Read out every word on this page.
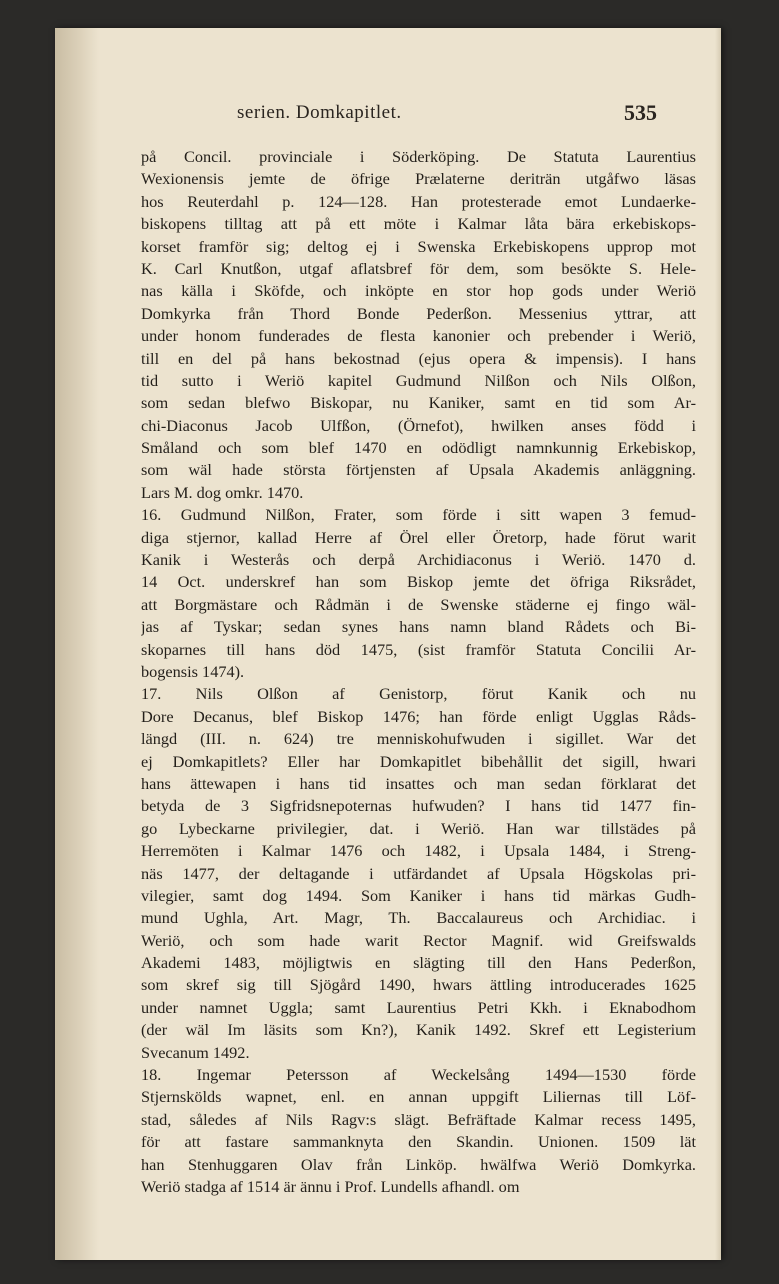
serien. Domkapitlet.	535
på Concil. provinciale i Söderköping. De Statuta Laurentius
Wexionensis jemte de öfrige Prælaterne deriträn utgåfwo läsas
hos Reuterdahl p. 124—128. Han protesterade emot Lundaerke-
biskopens tilltag att på ett möte i Kalmar låta bära erkebiskops-
korset framför sig; deltog ej i Swenska Erkebiskopens upprор mot
K. Carl Knutßon, utgaf aflatsbref för dem, som besökte S. Hele-
nas källa i Sköfde, och inköpte en stor hop gods under Weriö
Domkyrka från Thord Bonde Pederßon. Messenius yttrar, att
under honom funderades de flesta kanonier och prebender i Weriö,
till en del på hans bekostnad (ejus opera & impensis). I hans
tid sutto i Weriö kapitel Gudmund Nilßon och Nils Olßon,
som sedan blefwo Biskopar, nu Kaniker, samt en tid som Ar-
chi-Diaconus Jacob Ulfßon, (Örnefot), hwilken anses född i
Småland och som blef 1470 en odödligt namnkunnig Erkebiskop,
som wäl hade största förtjensten af Upsala Akademis anläggning.
Lars M. dog omkr. 1470.
16. Gudmund Nilßon, Frater, som förde i sitt wapen 3 femud-
diga stjernor, kallad Herre af Örel eller Öretorp, hade förut warit
Kanik i Westerås och derpå Archidiaconus i Weriö. 1470 d.
14 Oct. underskref han som Biskop jemte det öfriga Riksrådet,
att Borgmästare och Rådmän i de Swenske städerne ej fingo wäl-
jas af Tyskar; sedan synes hans namn bland Rådets och Bi-
skoparnes till hans död 1475, (sist framför Statuta Concilii Ar-
bogensis 1474).
17. Nils Olßon af Genistorp, förut Kanik och nu
Dore Decanus, blef Biskop 1476; han förde enligt Ugglas Råds-
längd (III. n. 624) tre menniskohufwuden i sigillet. War det
ej Domkapitlets? Eller har Domkapitlet bibehållit det sigill, hwari
hans ättewapen i hans tid insattes och man sedan förklarat det
betyda de 3 Sigfridsnepoternas hufwuden? I hans tid 1477 fin-
go Lybeckarne privilegier, dat. i Weriö. Han war tillstädes på
Herremöten i Kalmar 1476 och 1482, i Upsala 1484, i Streng-
näs 1477, der deltagande i utfärdandet af Upsala Högskolas pri-
vilegier, samt dog 1494. Som Kaniker i hans tid märkas Gudh-
mund Ughla, Art. Magr, Th. Baccalaureus och Archidiac. i
Weriö, och som hade warit Rector Magnif. wid Greifswalds
Akademi 1483, möjligtwis en slägting till den Hans Pederßon,
som skref sig till Sjögård 1490, hwars ättling introducerades 1625
under namnet Uggla; samt Laurentius Petri Kkh. i Eknabodhom
(der wäl Im läsits som Kn?), Kanik 1492. Skref ett Legisterium
Svecanum 1492.
18. Ingemar Petersson af Weckelsång 1494—1530 förde
Stjernskölds wapnet, enl. en annan uppgift Liliernas till Löf-
stad, således af Nils Ragv:s slägt. Befräftade Kalmar recess 1495,
för att fastare sammanknyta den Skandin. Unionen. 1509 lät
han Stenhuggaren Olav från Linköp. hwälfwa Weriö Domkyrka.
Weriö stadga af 1514 är ännu i Prof. Lundells afhandl. om
